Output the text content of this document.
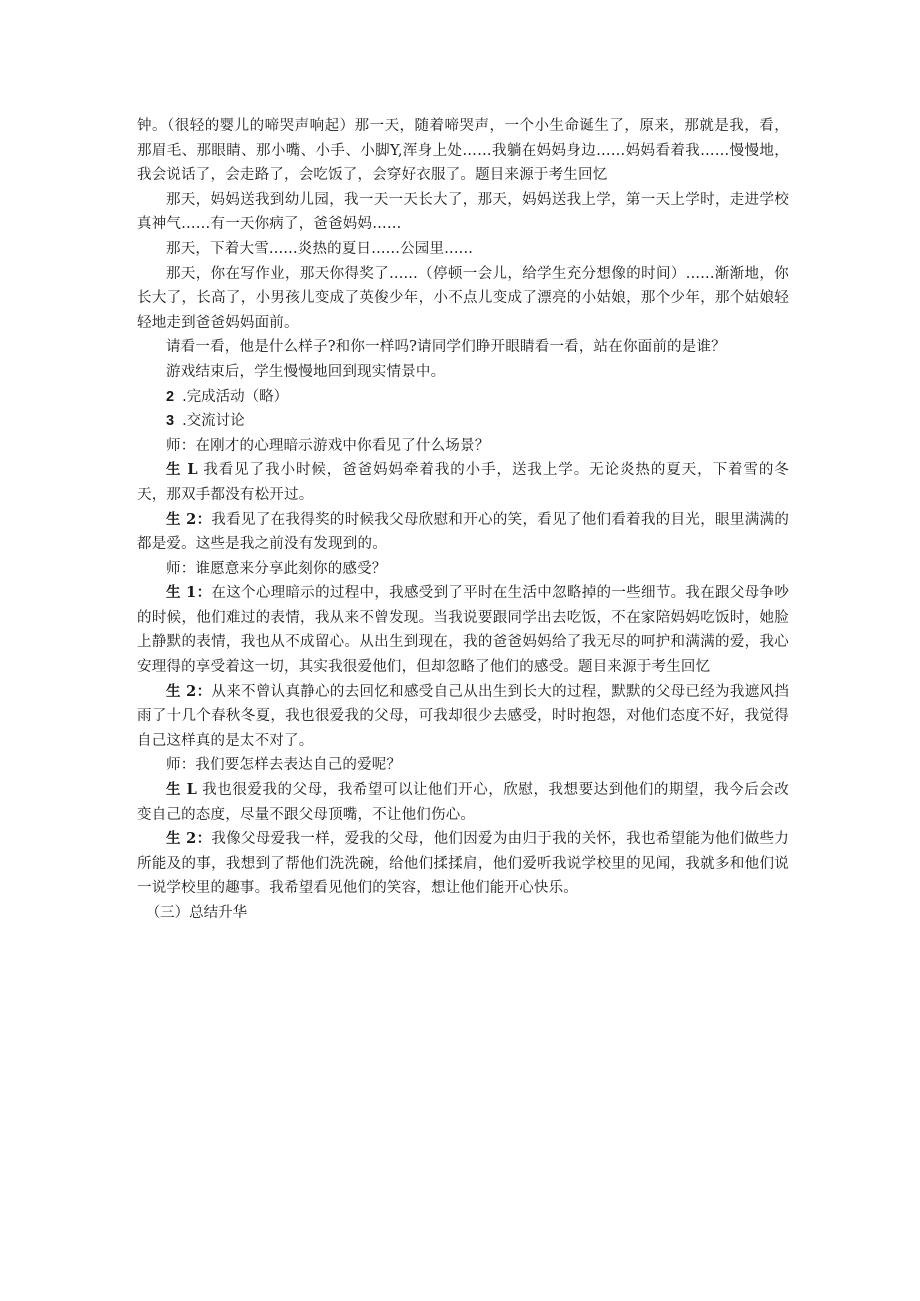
钟。（很轻的婴儿的啼哭声响起）那一天，随着啼哭声，一个小生命诞生了，原来，那就是我，看，那眉毛、那眼睛、那小嘴、小手、小脚Y,浑身上处……我躺在妈妈身边……妈妈看着我……慢慢地，我会说话了，会走路了，会吃饭了，会穿好衣服了。题目来源于考生回忆

那天，妈妈送我到幼儿园，我一天一天长大了，那天，妈妈送我上学，第一天上学时，走进学校真神气……有一天你病了，爸爸妈妈……

那天，下着大雪......炎热的夏日......公园里......

那天，你在写作业，那天你得奖了......（停顿一会儿，给学生充分想像的时间）......渐渐地，你长大了，长高了，小男孩儿变成了英俊少年，小不点儿变成了漂亮的小姑娘，那个少年，那个姑娘轻轻地走到爸爸妈妈面前。

请看一看，他是什么样子?和你一样吗?请同学们睁开眼睛看一看，站在你面前的是谁？

游戏结束后，学生慢慢地回到现实情景中。

2 .完成活动（略）

3 .交流讨论

师：在刚才的心理暗示游戏中你看见了什么场景？

生 L 我看见了我小时候，爸爸妈妈牵着我的小手，送我上学。无论炎热的夏天，下着雪的冬天，那双手都没有松开过。

生 2：我看见了在我得奖的时候我父母欣慰和开心的笑，看见了他们看着我的目光，眼里满满的都是爱。这些是我之前没有发现到的。

师：谁愿意来分享此刻你的感受？

生 1：在这个心理暗示的过程中，我感受到了平时在生活中忽略掉的一些细节。我在跟父母争吵的时候，他们难过的表情，我从来不曾发现。当我说要跟同学出去吃饭，不在家陪妈妈吃饭时，她脸上静默的表情，我也从不成留心。从出生到现在，我的爸爸妈妈给了我无尽的呵护和满满的爱，我心安理得的享受着这一切，其实我很爱他们，但却忽略了他们的感受。题目来源于考生回忆

生 2：从来不曾认真静心的去回忆和感受自己从出生到长大的过程，默默的父母已经为我遮风挡雨了十几个春秋冬夏，我也很爱我的父母，可我却很少去感受，时时抱怨，对他们态度不好，我觉得自己这样真的是太不对了。

师：我们要怎样去表达自己的爱呢？

生 L 我也很爱我的父母，我希望可以让他们开心，欣慰，我想要达到他们的期望，我今后会改变自己的态度，尽量不跟父母顶嘴，不让他们伤心。

生 2：我像父母爱我一样，爱我的父母，他们因爱为由归于我的关怀，我也希望能为他们做些力所能及的事，我想到了帮他们洗洗碗，给他们揉揉肩，他们爱听我说学校里的见闻，我就多和他们说一说学校里的趣事。我希望看见他们的笑容，想让他们能开心快乐。

（三）总结升华
